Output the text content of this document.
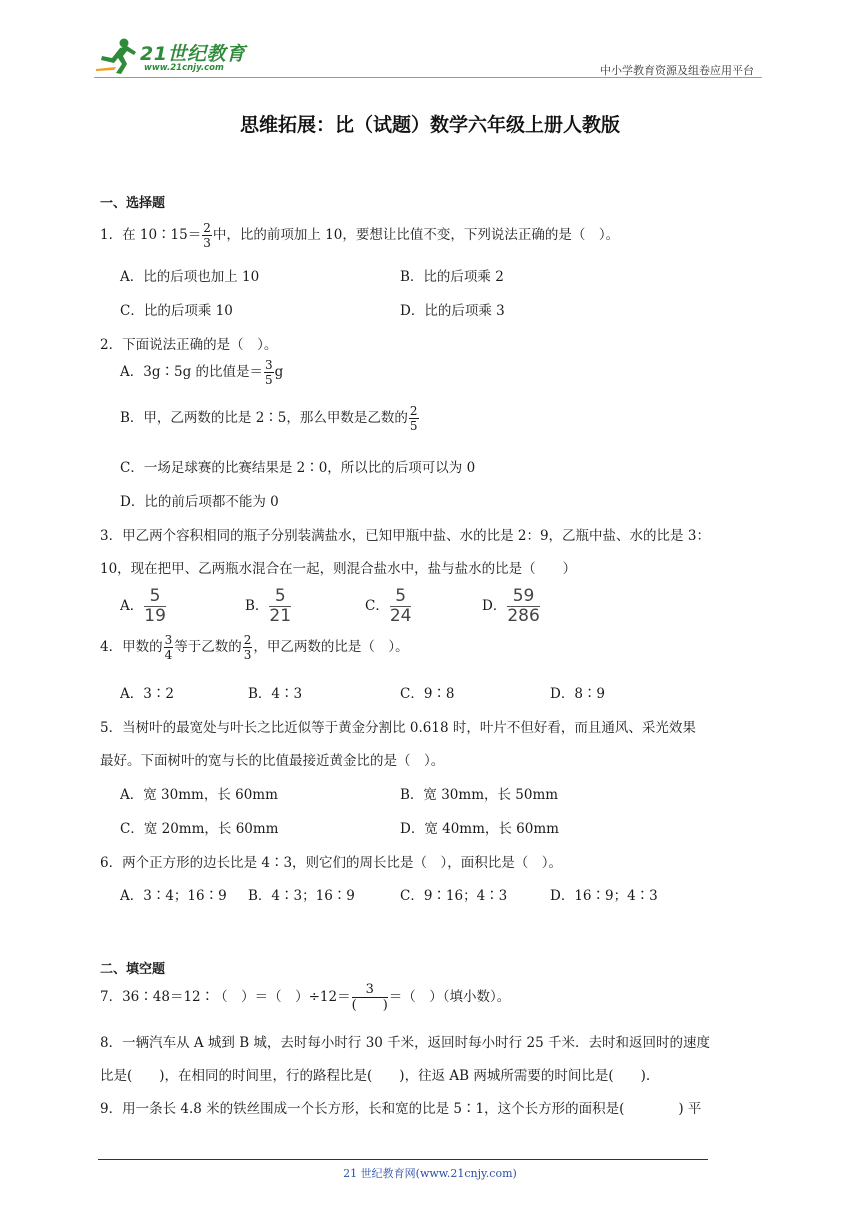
21世纪教育
www.21cnjy.com	中小学教育资源及组卷应用平台
思维拓展：比（试题）数学六年级上册人教版
一、选择题
1．在 10∶15＝ $\frac{2}{3}$ 中，比的前项加上 10，要想让比值不变，下列说法正确的是（　）。
A．比的后项也加上 10	B．比的后项乘 2
C．比的后项乘 10	D．比的后项乘 3
2．下面说法正确的是（　）。
A．3g∶5g 的比值是＝ $\frac{3}{5}$ g
B．甲，乙两数的比是 2∶5，那么甲数是乙数的 $\frac{2}{5}$
C．一场足球赛的比赛结果是 2∶0，所以比的后项可以为 0
D．比的前后项都不能为 0
3．甲乙两个容积相同的瓶子分别装满盐水，已知甲瓶中盐、水的比是 2：9，乙瓶中盐、水的比是 3：
10，现在把甲、乙两瓶水混合在一起，则混合盐水中，盐与盐水的比是（　　）
A． $\frac{5}{19}$	B． $\frac{5}{21}$	C． $\frac{5}{24}$	D． $\frac{59}{286}$
4．甲数的 $\frac{3}{4}$ 等于乙数的 $\frac{2}{3}$ ，甲乙两数的比是（　）。
A．3∶2	B．4∶3	C．9∶8	D．8∶9
5．当树叶的最宽处与叶长之比近似等于黄金分割比 0.618 时，叶片不但好看，而且通风、采光效果
最好。下面树叶的宽与长的比值最接近黄金比的是（　）。
A．宽 30mm，长 60mm	B．宽 30mm，长 50mm
C．宽 20mm，长 60mm	D．宽 40mm，长 60mm
6．两个正方形的边长比是 4∶3，则它们的周长比是（　），面积比是（　）。
A．3∶4；16∶9 B．4∶3；16∶9	C．9∶16；4∶3	D．16∶9；4∶3
二、填空题
7．36∶48＝12∶（　）＝（　）$\div 12= \frac{3}{( )}$ ＝（　）（填小数）。
8．一辆汽车从 A 城到 B 城，去时每小时行 30 千米，返回时每小时行 25 千米．去时和返回时的速度
比是(　　)，在相同的时间里，行的路程比是(　　)，往返 AB 两城所需要的时间比是(　　).
9．用一条长 4.8 米的铁丝围成一个长方形，长和宽的比是 5∶1，这个长方形的面积是(　　　　) 平
21 世纪教育网(www.21cnjy.com)
